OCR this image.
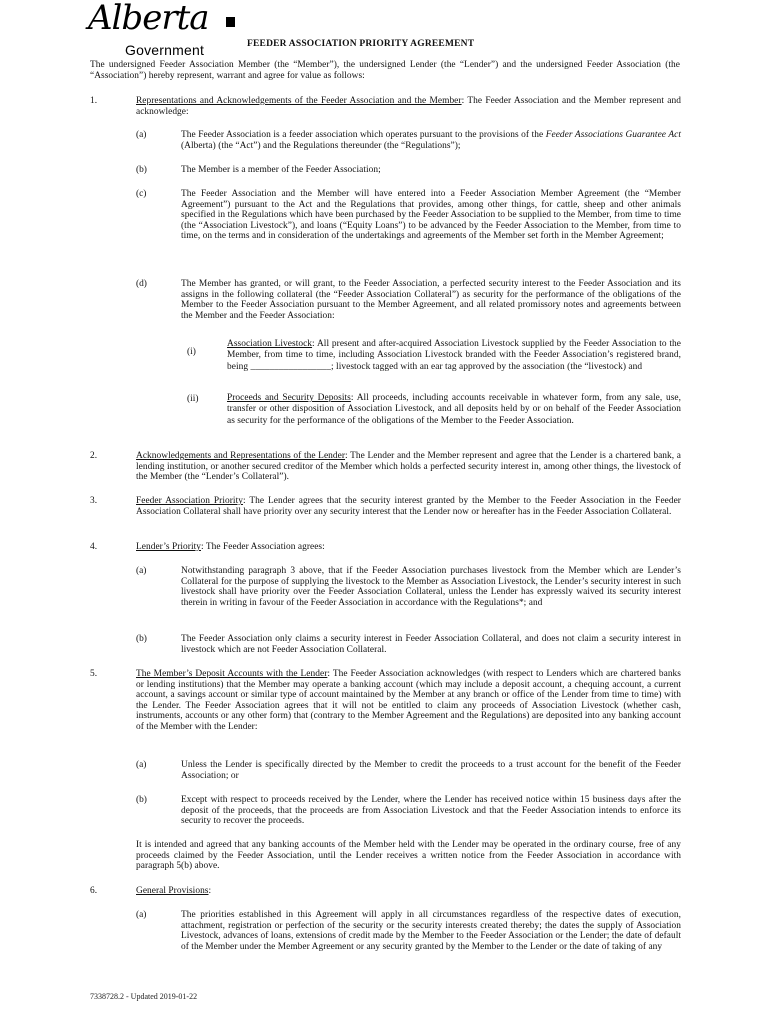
Alberta
Government	FEEDER ASSOCIATION PRIORITY AGREEMENT

The undersigned Feeder Association Member (the “Member”), the undersigned Lender (the “Lender”) and the undersigned Feeder Association (the “Association”) hereby represent, warrant and agree for value as follows:

1.	Representations and Acknowledgements of the Feeder Association and the Member: The Feeder Association and the Member represent and acknowledge:

(a)	The Feeder Association is a feeder association which operates pursuant to the provisions of the Feeder Associations Guarantee Act (Alberta) (the “Act”) and the Regulations thereunder (the “Regulations”);

(b)	The Member is a member of the Feeder Association;

(c)	The Feeder Association and the Member will have entered into a Feeder Association Member Agreement (the “Member Agreement”) pursuant to the Act and the Regulations that provides, among other things, for cattle, sheep and other animals specified in the Regulations which have been purchased by the Feeder Association to be supplied to the Member, from time to time (the “Association Livestock”), and loans (“Equity Loans”) to be advanced by the Feeder Association to the Member, from time to time, on the terms and in consideration of the undertakings and agreements of the Member set forth in the Member Agreement;

(d)	The Member has granted, or will grant, to the Feeder Association, a perfected security interest to the Feeder Association and its assigns in the following collateral (the “Feeder Association Collateral”) as security for the performance of the obligations of the Member to the Feeder Association pursuant to the Member Agreement, and all related promissory notes and agreements between the Member and the Feeder Association:

(i)

Association Livestock: All present and after-acquired Association Livestock supplied by the Feeder Association to the Member, from time to time, including Association Livestock branded with the Feeder Association’s registered brand, being _________________; livestock tagged with an ear tag approved by the association (the “livestock) and

(ii)	Proceeds and Security Deposits: All proceeds, including accounts receivable in whatever form, from any sale, use, transfer or other disposition of Association Livestock, and all deposits held by or on behalf of the Feeder Association as security for the performance of the obligations of the Member to the Feeder Association.

2.	Acknowledgements and Representations of the Lender: The Lender and the Member represent and agree that the Lender is a chartered bank, a lending institution, or another secured creditor of the Member which holds a perfected security interest in, among other things, the livestock of the Member (the “Lender’s Collateral”).

3.	Feeder Association Priority: The Lender agrees that the security interest granted by the Member to the Feeder Association in the Feeder Association Collateral shall have priority over any security interest that the Lender now or hereafter has in the Feeder Association Collateral.

4.	Lender’s Priority: The Feeder Association agrees:

(a)	Notwithstanding paragraph 3 above, that if the Feeder Association purchases livestock from the Member which are Lender’s Collateral for the purpose of supplying the livestock to the Member as Association Livestock, the Lender’s security interest in such livestock shall have priority over the Feeder Association Collateral, unless the Lender has expressly waived its security interest therein in writing in favour of the Feeder Association in accordance with the Regulations*; and

(b)	The Feeder Association only claims a security interest in Feeder Association Collateral, and does not claim a security interest in livestock which are not Feeder Association Collateral.

5.	The Member’s Deposit Accounts with the Lender: The Feeder Association acknowledges (with respect to Lenders which are chartered banks or lending institutions) that the Member may operate a banking account (which may include a deposit account, a chequing account, a current account, a savings account or similar type of account maintained by the Member at any branch or office of the Lender from time to time) with the Lender. The Feeder Association agrees that it will not be entitled to claim any proceeds of Association Livestock (whether cash, instruments, accounts or any other form) that (contrary to the Member Agreement and the Regulations) are deposited into any banking account of the Member with the Lender:

(a)	Unless the Lender is specifically directed by the Member to credit the proceeds to a trust account for the benefit of the Feeder Association; or

(b)	Except with respect to proceeds received by the Lender, where the Lender has received notice within 15 business days after the deposit of the proceeds, that the proceeds are from Association Livestock and that the Feeder Association intends to enforce its security to recover the proceeds.

It is intended and agreed that any banking accounts of the Member held with the Lender may be operated in the ordinary course, free of any proceeds claimed by the Feeder Association, until the Lender receives a written notice from the Feeder Association in accordance with paragraph 5(b) above.

6.	General Provisions:

(a)	The priorities established in this Agreement will apply in all circumstances regardless of the respective dates of execution, attachment, registration or perfection of the security or the security interests created thereby; the dates the supply of Association Livestock, advances of loans, extensions of credit made by the Member to the Feeder Association or the Lender; the date of default of the Member under the Member Agreement or any security granted by the Member to the Lender or the date of taking of any

7338728.2 - Updated 2019-01-22
